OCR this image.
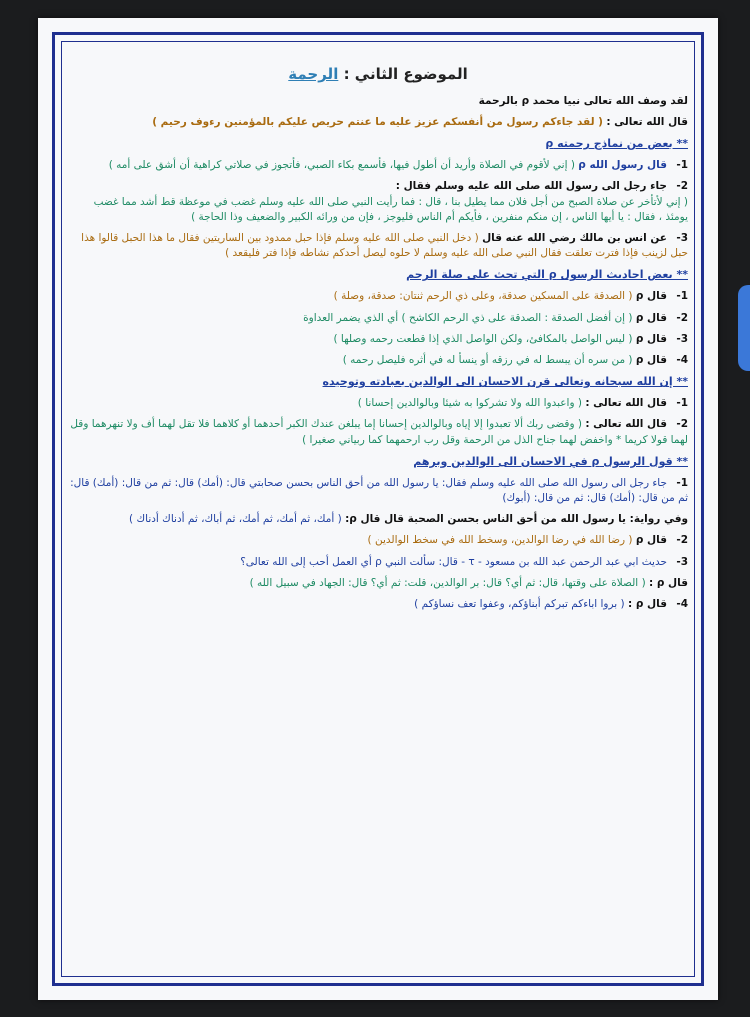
الموضوع الثاني : الرحمة
لقد وصف الله تعالى نبيا محمد ρ بالرحمة
قال الله تعالى : ( لقد جاءكم رسول من أنفسكم عزيز عليه ما عنتم حريص عليكم بالمؤمنين رءوف رحيم )
** بعض من نماذج رحمته ρ
1- قال رسول الله ρ ( إني لأقوم في الصلاة وأريد أن أطول فيها، فأسمع بكاء الصبي، فأتجوز في صلاتي كراهية أن أشق على أمه )
2- جاء رجل الى رسول الله صلى الله عليه وسلم فقال :
( إني لأتأخر عن صلاة الصبح من أجل فلان مما يطيل بنا ، قال : فما رأيت النبي صلى الله عليه وسلم غضب في موعظة قط أشد مما غضب يومئذ ، فقال : يا أيها الناس ، إن منكم منفرين ، فأيكم أم الناس فليوجز ، فإن من ورائه الكبير والضعيف وذا الحاجة )
3- عن انس بن مالك رضي الله عنه قال ( دخل النبي صلى الله عليه وسلم فإذا حبل ممدود بين الساريتين فقال ما هذا الحبل قالوا هذا حبل لزينب فإذا فترت تعلقت فقال النبي صلى الله عليه وسلم لا حلوه ليصل أحدكم نشاطه فإذا فتر فليقعد )
** بعض احاديث الرسول ρ التي تحث على صلة الرحم
1- قال ρ ( الصدقة على المسكين صدقة، وعلى ذي الرحم ثنتان: صدقة، وصلة )
2- قال ρ ( إن أفضل الصدقة : الصدقة على ذي الرحم الكاشح ) أي الذي يضمر العداوة
3- قال ρ ( ليس الواصل بالمكافئ، ولكن الواصل الذي إذا قطعت رحمه وصلها )
4- قال ρ ( من سره أن يبسط له في رزقه أو ينسأ له في أثره فليصل رحمه )
** إن الله سبحانه وتعالى قرن الاحسان الى الوالدين بعبادته وتوحيده
1- قال الله تعالى : ( واعبدوا الله ولا تشركوا به شيئا وبالوالدين إحسانا )
2- قال الله تعالى : ( وقضى ربك ألا تعبدوا إلا إياه وبالوالدين إحسانا إما يبلغن عندك الكبر أحدهما أو كلاهما فلا تقل لهما أف ولا تنهرهما وقل لهما قولا كريما * واخفض لهما جناح الذل من الرحمة وقل رب ارحمهما كما ربياني صغيرا )
** قول الرسول ρ في الاحسان الى الوالدين وبرهم
1- جاء رجل الى رسول الله صلى الله عليه وسلم فقال: يا رسول الله من أحق الناس بحسن صحابتي قال: (أمك) قال: ثم من قال: (أمك) قال: ثم من قال: (أمك) قال: ثم من قال: (أبوك)
وفي رواية: يا رسول الله من أحق الناس بحسن الصحبة قال قال ρ: ( أمك، ثم أمك، ثم أمك، ثم أباك، ثم أدناك أدناك )
2- قال ρ ( رضا الله في رضا الوالدين، وسخط الله في سخط الوالدين )
3- حديث ابي عبد الرحمن عبد الله بن مسعود - τ - قال: سألت النبي ρ أي العمل أحب إلى الله تعالى؟
قال ρ : ( الصلاة على وقتها، قال: ثم أي؟ قال: بر الوالدين، قلت: ثم أي؟ قال: الجهاد في سبيل الله )
4- قال ρ : ( بروا اباءكم تبركم أبناؤكم، وعفوا تعف نساؤكم )
